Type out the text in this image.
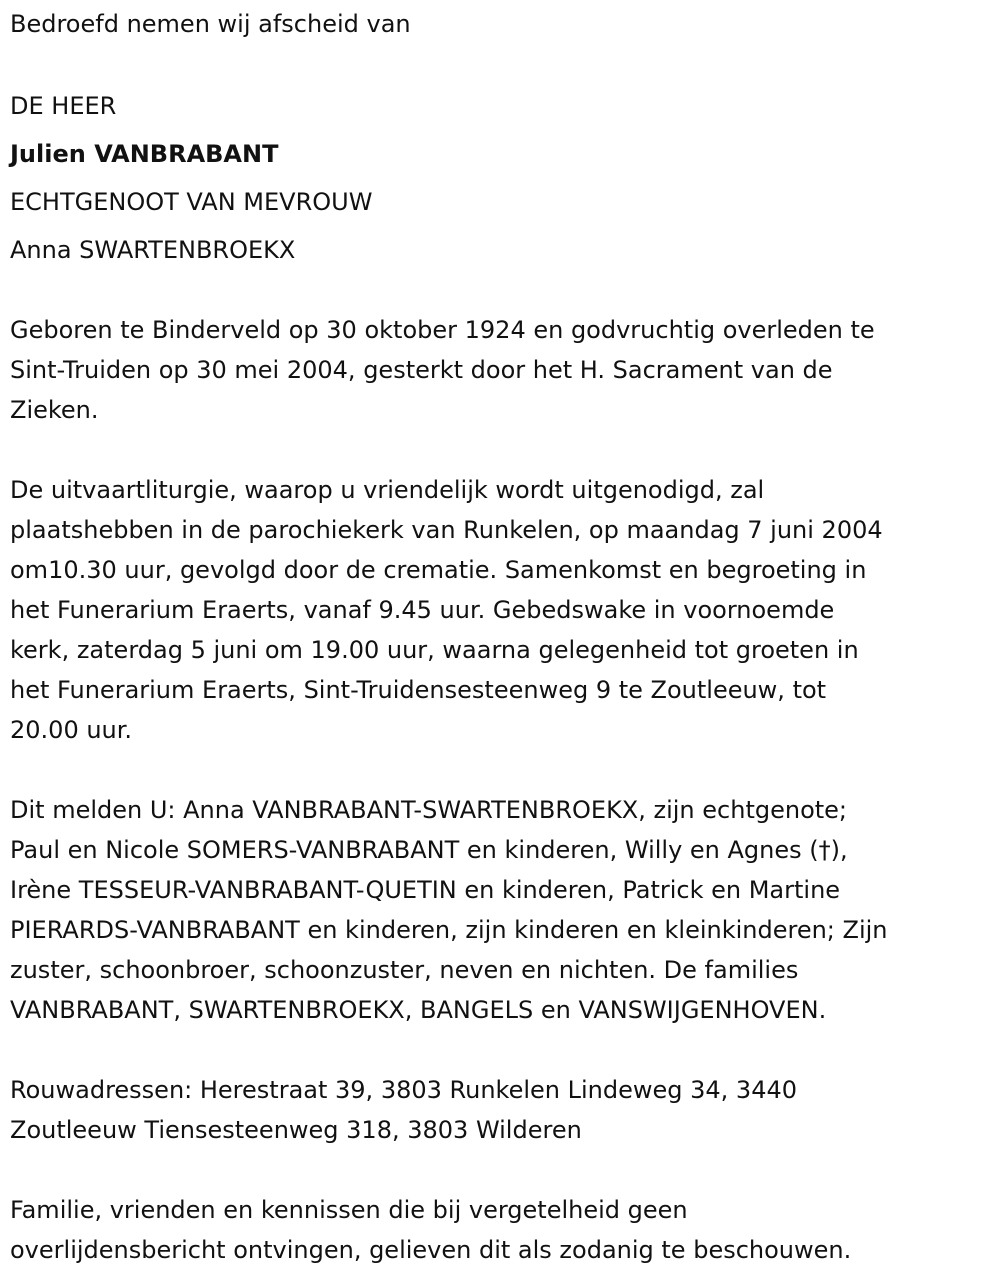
Bedroefd nemen wij afscheid van

DE HEER

Julien VANBRABANT

ECHTGENOOT VAN MEVROUW

Anna SWARTENBROEKX

Geboren te Binderveld op 30 oktober 1924 en godvruchtig overleden te
Sint-Truiden op 30 mei 2004, gesterkt door het H. Sacrament van de
Zieken.
De uitvaartliturgie, waarop u vriendelijk wordt uitgenodigd, zal
plaatshebben in de parochiekerk van Runkelen, op maandag 7 juni 2004
om10.30 uur, gevolgd door de crematie. Samenkomst en begroeting in
het Funerarium Eraerts, vanaf 9.45 uur. Gebedswake in voornoemde
kerk, zaterdag 5 juni om 19.00 uur, waarna gelegenheid tot groeten in
het Funerarium Eraerts, Sint-Truidensesteenweg 9 te Zoutleeuw, tot
20.00 uur.
Dit melden U: Anna VANBRABANT-SWARTENBROEKX, zijn echtgenote;
Paul en Nicole SOMERS-VANBRABANT en kinderen, Willy en Agnes (†),
Irène TESSEUR-VANBRABANT-QUETIN en kinderen, Patrick en Martine
PIERARDS-VANBRABANT en kinderen, zijn kinderen en kleinkinderen; Zijn
zuster, schoonbroer, schoonzuster, neven en nichten. De families
VANBRABANT, SWARTENBROEKX, BANGELS en VANSWIJGENHOVEN.
Rouwadressen: Herestraat 39, 3803 Runkelen Lindeweg 34, 3440
Zoutleeuw Tiensesteenweg 318, 3803 Wilderen
Familie, vrienden en kennissen die bij vergetelheid geen
overlijdensbericht ontvingen, gelieven dit als zodanig te beschouwen.
